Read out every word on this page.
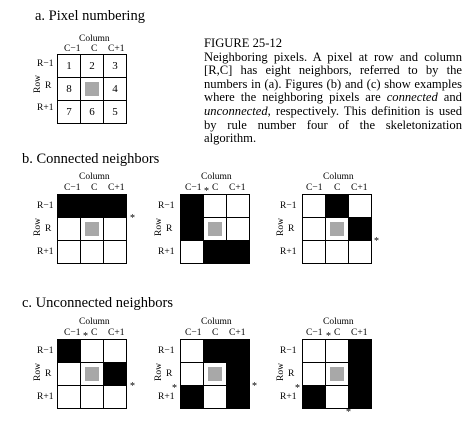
a. Pixel numbering
Column
C−1 C C+1
R−1
R
R+1
Row
1	2	3
8		4
7	6	5
FIGURE 25-12
Neighboring pixels. A pixel at row and column [R,C] has eight neighbors, referred to by the numbers in (a). Figures (b) and (c) show examples where the neighboring pixels are connected and unconnected, respectively. This definition is used by rule number four of the skeletonization algorithm.
b. Connected neighbors
Column
C−1 C C+1
R−1
R
R+1
Row

			*
Column
C−1 C C+1
*
R−1
R
R+1
Row

Column
C−1 C C+1
R−1
R
R+1
Row

*
c. Unconnected neighbors
Column
C−1 * C C+1
R−1
R
R+1
Row

*
Column
C−1 C C+1
R−1
R
*
R+1
Row

*
Column
C−1 * C C+1
R−1
R
*
R+1
Row

*
